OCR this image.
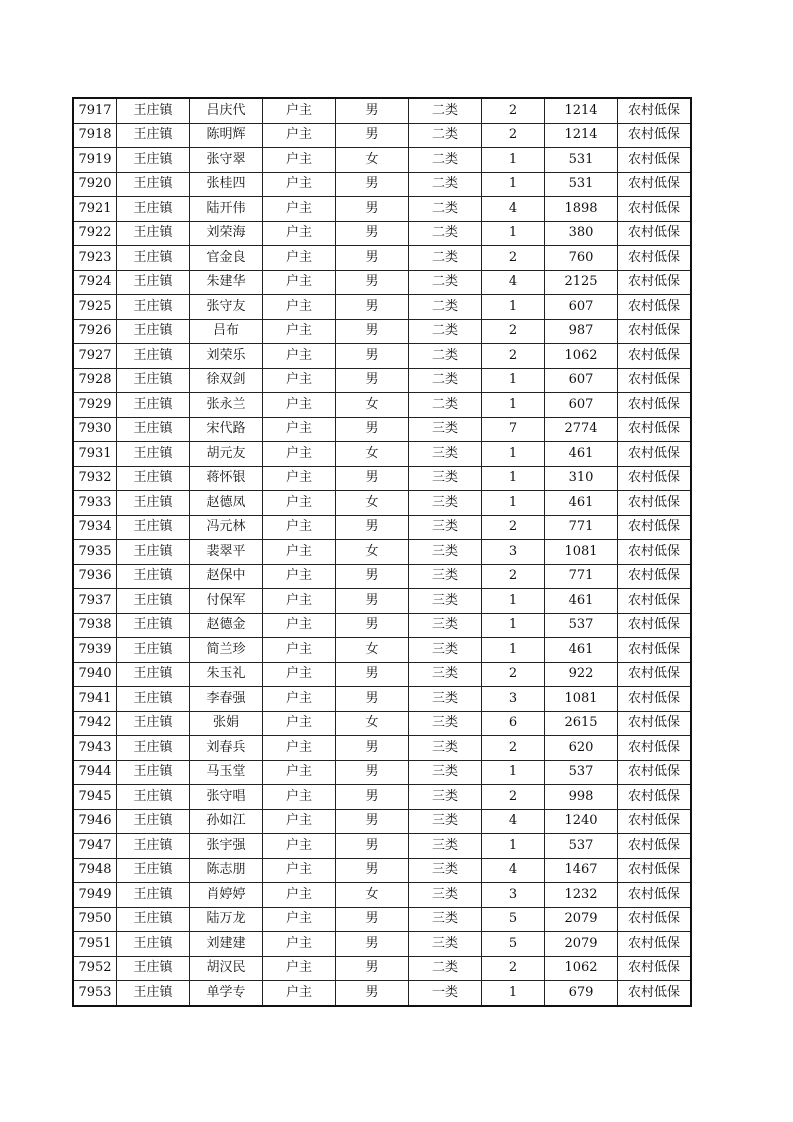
7917	王庄镇	吕庆代	户主	男	二类	2	1214	农村低保
7918	王庄镇	陈明辉	户主	男	二类	2	1214	农村低保
7919	王庄镇	张守翠	户主	女	二类	1	531	农村低保
7920	王庄镇	张桂四	户主	男	二类	1	531	农村低保
7921	王庄镇	陆开伟	户主	男	二类	4	1898	农村低保
7922	王庄镇	刘荣海	户主	男	二类	1	380	农村低保
7923	王庄镇	官金良	户主	男	二类	2	760	农村低保
7924	王庄镇	朱建华	户主	男	二类	4	2125	农村低保
7925	王庄镇	张守友	户主	男	二类	1	607	农村低保
7926	王庄镇	吕布	户主	男	二类	2	987	农村低保
7927	王庄镇	刘荣乐	户主	男	二类	2	1062	农村低保
7928	王庄镇	徐双剑	户主	男	二类	1	607	农村低保
7929	王庄镇	张永兰	户主	女	二类	1	607	农村低保
7930	王庄镇	宋代路	户主	男	三类	7	2774	农村低保
7931	王庄镇	胡元友	户主	女	三类	1	461	农村低保
7932	王庄镇	蒋怀银	户主	男	三类	1	310	农村低保
7933	王庄镇	赵德凤	户主	女	三类	1	461	农村低保
7934	王庄镇	冯元林	户主	男	三类	2	771	农村低保
7935	王庄镇	裴翠平	户主	女	三类	3	1081	农村低保
7936	王庄镇	赵保中	户主	男	三类	2	771	农村低保
7937	王庄镇	付保军	户主	男	三类	1	461	农村低保
7938	王庄镇	赵德金	户主	男	三类	1	537	农村低保
7939	王庄镇	简兰珍	户主	女	三类	1	461	农村低保
7940	王庄镇	朱玉礼	户主	男	三类	2	922	农村低保
7941	王庄镇	李春强	户主	男	三类	3	1081	农村低保
7942	王庄镇	张娟	户主	女	三类	6	2615	农村低保
7943	王庄镇	刘春兵	户主	男	三类	2	620	农村低保
7944	王庄镇	马玉堂	户主	男	三类	1	537	农村低保
7945	王庄镇	张守唱	户主	男	三类	2	998	农村低保
7946	王庄镇	孙如江	户主	男	三类	4	1240	农村低保
7947	王庄镇	张宇强	户主	男	三类	1	537	农村低保
7948	王庄镇	陈志朋	户主	男	三类	4	1467	农村低保
7949	王庄镇	肖婷婷	户主	女	三类	3	1232	农村低保
7950	王庄镇	陆万龙	户主	男	三类	5	2079	农村低保
7951	王庄镇	刘建建	户主	男	三类	5	2079	农村低保
7952	王庄镇	胡汉民	户主	男	二类	2	1062	农村低保
7953	王庄镇	单学专	户主	男	一类	1	679	农村低保
